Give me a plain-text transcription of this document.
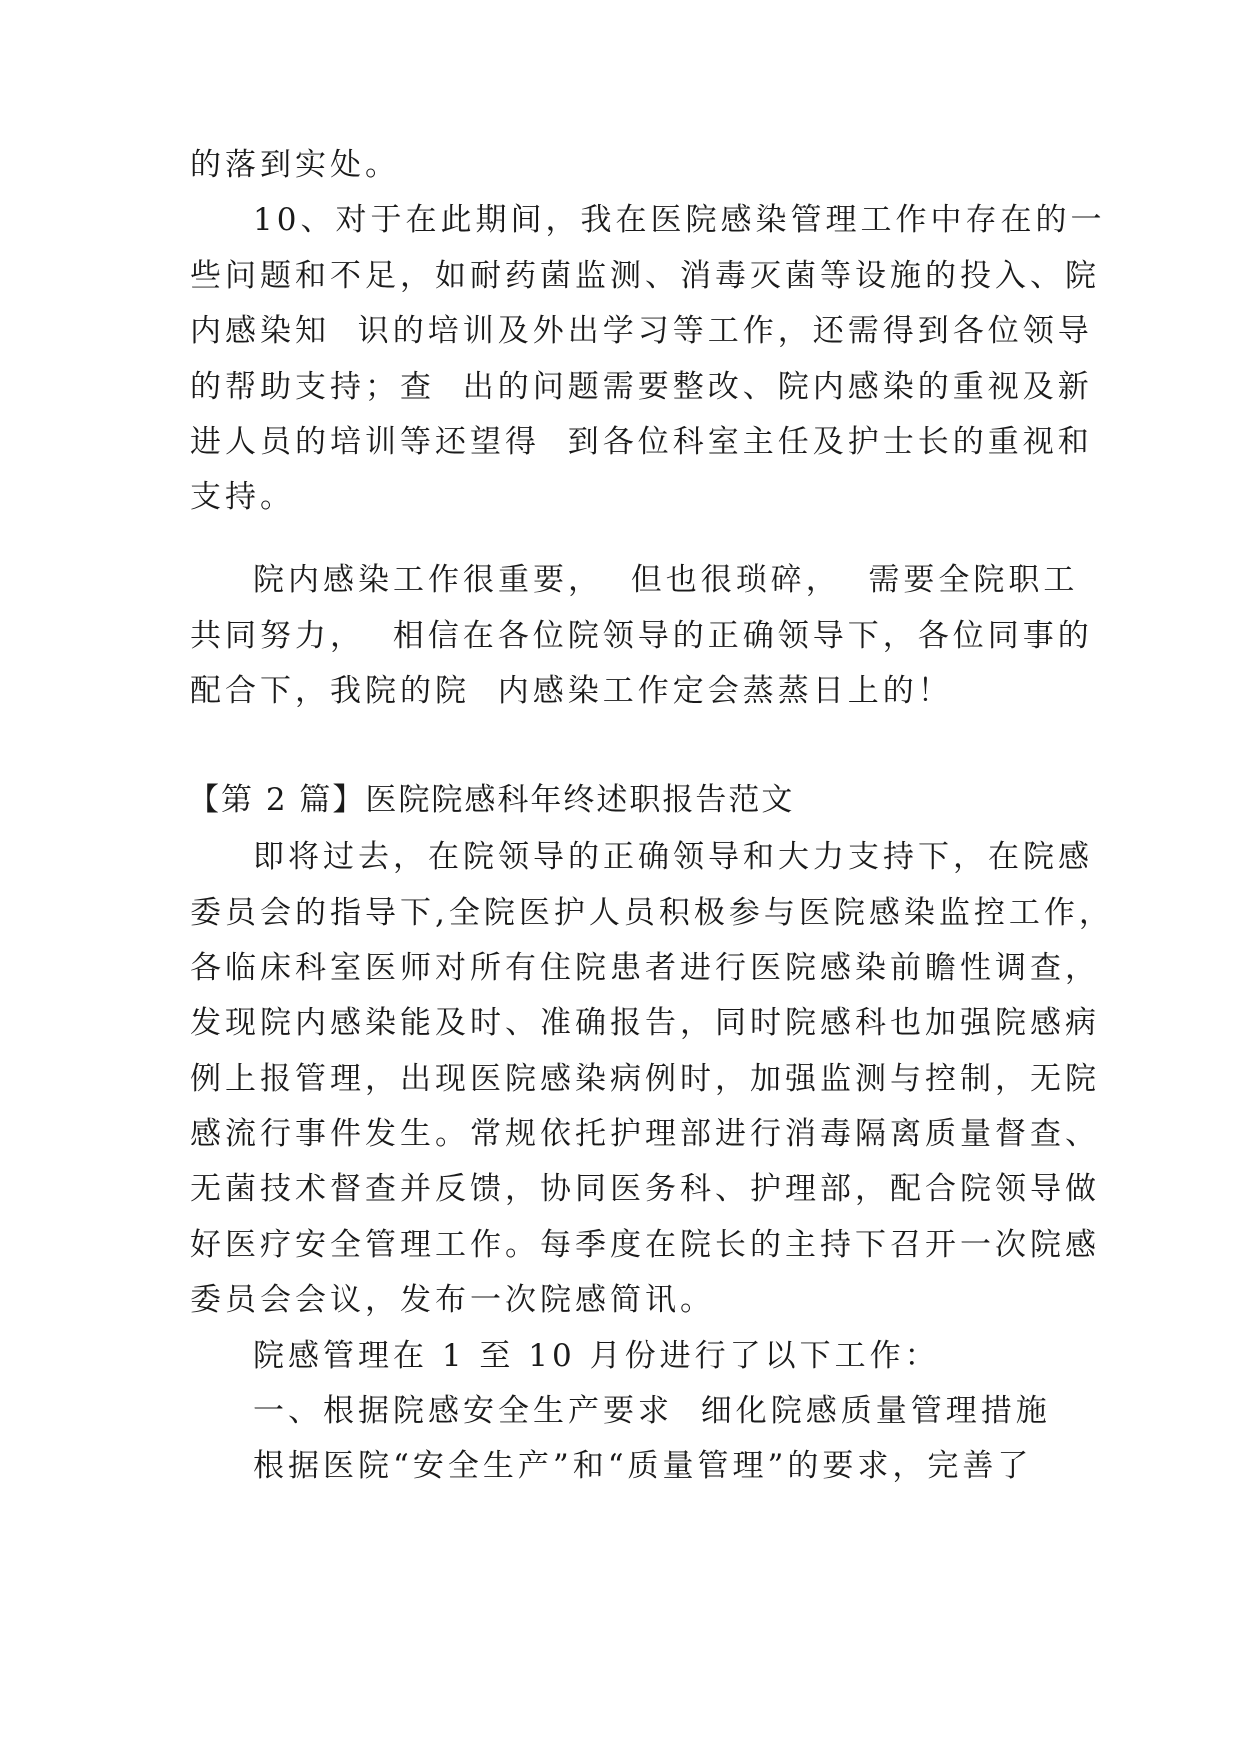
的落到实处。
10、对于在此期间，我在医院感染管理工作中存在的一
些问题和不足，如耐药菌监测、消毒灭菌等设施的投入、院
内感染知  识的培训及外出学习等工作，还需得到各位领导
的帮助支持；查  出的问题需要整改、院内感染的重视及新
进人员的培训等还望得  到各位科室主任及护士长的重视和
支持。
院内感染工作很重要，  但也很琐碎，  需要全院职工
共同努力，  相信在各位院领导的正确领导下，各位同事的
配合下，我院的院  内感染工作定会蒸蒸日上的！
【第 2 篇】医院院感科年终述职报告范文
即将过去，在院领导的正确领导和大力支持下，在院感
委员会的指导下,全院医护人员积极参与医院感染监控工作，
各临床科室医师对所有住院患者进行医院感染前瞻性调查，
发现院内感染能及时、准确报告，同时院感科也加强院感病
例上报管理，出现医院感染病例时，加强监测与控制，无院
感流行事件发生。常规依托护理部进行消毒隔离质量督查、
无菌技术督查并反馈，协同医务科、护理部，配合院领导做
好医疗安全管理工作。每季度在院长的主持下召开一次院感
委员会会议，发布一次院感简讯。
院感管理在 1 至 10 月份进行了以下工作：
一、根据院感安全生产要求  细化院感质量管理措施
根据医院“安全生产”和“质量管理”的要求，完善了
